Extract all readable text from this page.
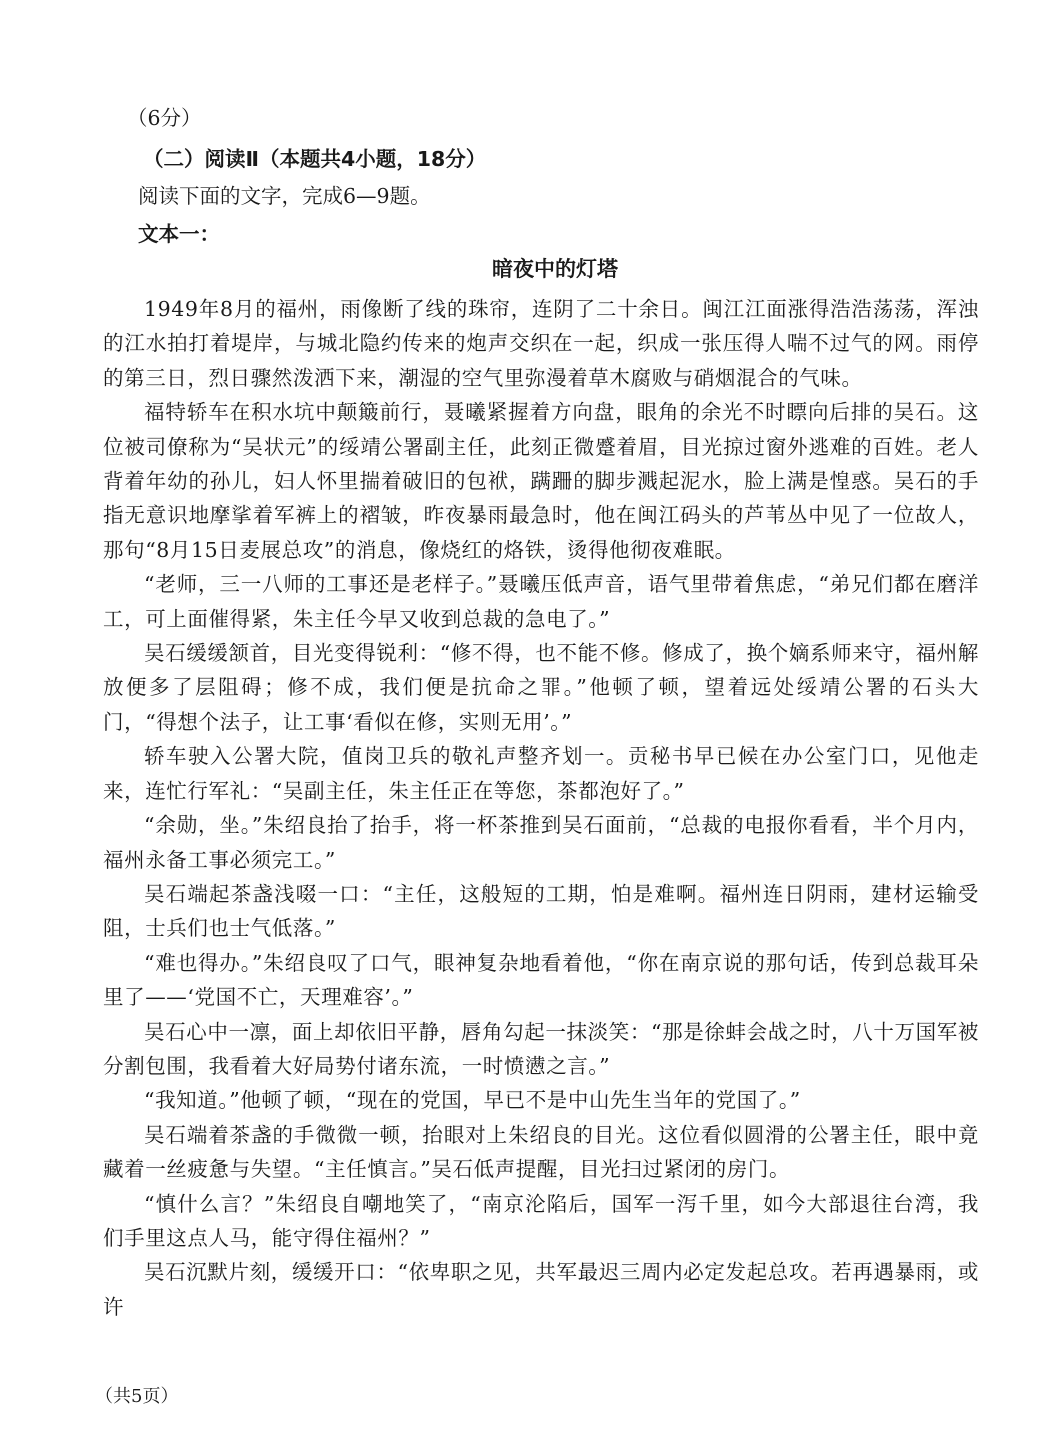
（6分）
（二）阅读Ⅱ（本题共4小题，18分）
阅读下面的文字，完成6—9题。
文本一：
暗夜中的灯塔

1949年8月的福州，雨像断了线的珠帘，连阴了二十余日。闽江江面涨得浩浩荡荡，浑浊的江水拍打着堤岸，与城北隐约传来的炮声交织在一起，织成一张压得人喘不过气的网。雨停的第三日，烈日骤然泼洒下来，潮湿的空气里弥漫着草木腐败与硝烟混合的气味。

福特轿车在积水坑中颠簸前行，聂曦紧握着方向盘，眼角的余光不时瞟向后排的吴石。这位被司僚称为“吴状元”的绥靖公署副主任，此刻正微蹙着眉，目光掠过窗外逃难的百姓。老人背着年幼的孙儿，妇人怀里揣着破旧的包袱，蹒跚的脚步溅起泥水，脸上满是惶惑。吴石的手指无意识地摩挲着军裤上的褶皱，昨夜暴雨最急时，他在闽江码头的芦苇丛中见了一位故人，那句“8月15日麦展总攻”的消息，像烧红的烙铁，烫得他彻夜难眠。

“老师，三一八师的工事还是老样子。”聂曦压低声音，语气里带着焦虑，“弟兄们都在磨洋工，可上面催得紧，朱主任今早又收到总裁的急电了。”

吴石缓缓颔首，目光变得锐利：“修不得，也不能不修。修成了，换个嫡系师来守，福州解放便多了层阻碍；修不成，我们便是抗命之罪。”他顿了顿，望着远处绥靖公署的石头大门，“得想个法子，让工事‘看似在修，实则无用’。”

轿车驶入公署大院，值岗卫兵的敬礼声整齐划一。贡秘书早已候在办公室门口，见他走来，连忙行军礼：“吴副主任，朱主任正在等您，茶都泡好了。”

“余勋，坐。”朱绍良抬了抬手，将一杯茶推到吴石面前，“总裁的电报你看看，半个月内，福州永备工事必须完工。”

吴石端起茶盏浅啜一口：“主任，这般短的工期，怕是难啊。福州连日阴雨，建材运输受阻，士兵们也士气低落。”

“难也得办。”朱绍良叹了口气，眼神复杂地看着他，“你在南京说的那句话，传到总裁耳朵里了——‘党国不亡，天理难容’。”

吴石心中一凛，面上却依旧平静，唇角勾起一抹淡笑：“那是徐蚌会战之时，八十万国军被分割包围，我看着大好局势付诸东流，一时愤懑之言。”

“我知道。”他顿了顿，“现在的党国，早已不是中山先生当年的党国了。”

吴石端着茶盏的手微微一顿，抬眼对上朱绍良的目光。这位看似圆滑的公署主任，眼中竟藏着一丝疲惫与失望。“主任慎言。”吴石低声提醒，目光扫过紧闭的房门。

“慎什么言？”朱绍良自嘲地笑了，“南京沦陷后，国军一泻千里，如今大部退往台湾，我们手里这点人马，能守得住福州？”

吴石沉默片刻，缓缓开口：“依卑职之见，共军最迟三周内必定发起总攻。若再遇暴雨，或许

（共5页）
